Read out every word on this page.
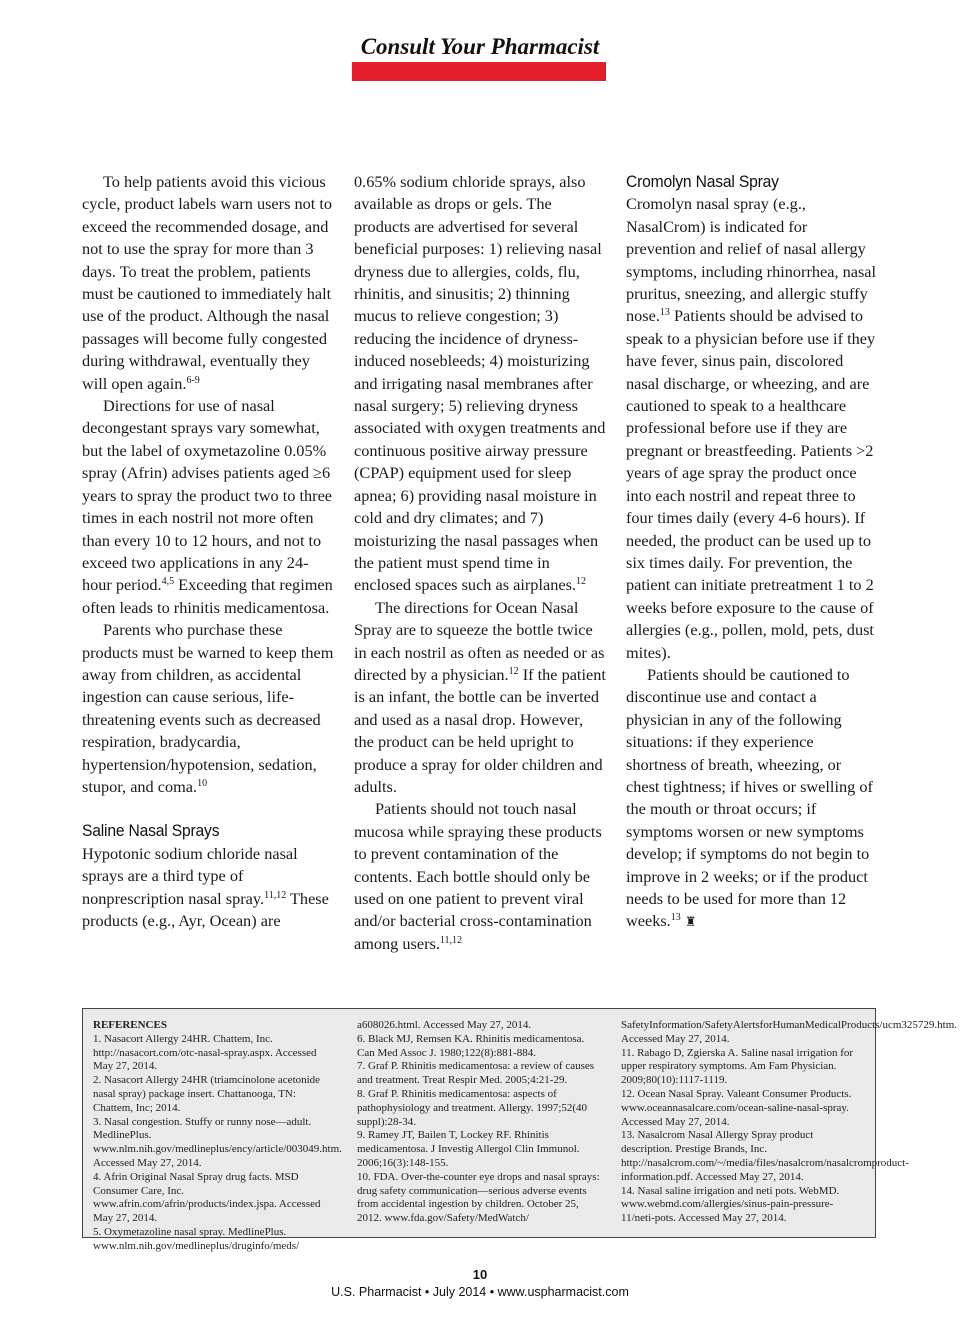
Consult Your Pharmacist

To help patients avoid this vicious cycle, product labels warn users not to exceed the recommended dosage, and not to use the spray for more than 3 days. To treat the problem, patients must be cautioned to immediately halt use of the product. Although the nasal passages will become fully congested during withdrawal, eventually they will open again.$^{6-9}$

Directions for use of nasal decongestant sprays vary somewhat, but the label of oxymetazoline 0.05% spray (Afrin) advises patients aged ≥6 years to spray the product two to three times in each nostril not more often than every 10 to 12 hours, and not to exceed two applications in any 24-hour period.$^{4,5}$ Exceeding that regimen often leads to rhinitis medicamentosa.

Parents who purchase these products must be warned to keep them away from children, as accidental ingestion can cause serious, life-threatening events such as decreased respiration, bradycardia, hypertension/hypotension, sedation, stupor, and coma.$^{10}$

Saline Nasal Sprays

Hypotonic sodium chloride nasal sprays are a third type of nonprescription nasal spray.$^{11,12}$ These products (e.g., Ayr, Ocean) are

0.65% sodium chloride sprays, also available as drops or gels. The products are advertised for several beneficial purposes: 1) relieving nasal dryness due to allergies, colds, flu, rhinitis, and sinusitis; 2) thinning mucus to relieve congestion; 3) reducing the incidence of dryness-induced nosebleeds; 4) moisturizing and irrigating nasal membranes after nasal surgery; 5) relieving dryness associated with oxygen treatments and continuous positive airway pressure (CPAP) equipment used for sleep apnea; 6) providing nasal moisture in cold and dry climates; and 7) moisturizing the nasal passages when the patient must spend time in enclosed spaces such as airplanes.$^{12}$

The directions for Ocean Nasal Spray are to squeeze the bottle twice in each nostril as often as needed or as directed by a physician.$^{12}$ If the patient is an infant, the bottle can be inverted and used as a nasal drop. However, the product can be held upright to produce a spray for older children and adults.

Patients should not touch nasal mucosa while spraying these products to prevent contamination of the contents. Each bottle should only be used on one patient to prevent viral and/or bacterial cross-contamination among users.$^{11,12}$

Cromolyn Nasal Spray

Cromolyn nasal spray (e.g., NasalCrom) is indicated for prevention and relief of nasal allergy symptoms, including rhinorrhea, nasal pruritus, sneezing, and allergic stuffy nose.$^{13}$ Patients should be advised to speak to a physician before use if they have fever, sinus pain, discolored nasal discharge, or wheezing, and are cautioned to speak to a healthcare professional before use if they are pregnant or breastfeeding. Patients >2 years of age spray the product once into each nostril and repeat three to four times daily (every 4-6 hours). If needed, the product can be used up to six times daily. For prevention, the patient can initiate pretreatment 1 to 2 weeks before exposure to the cause of allergies (e.g., pollen, mold, pets, dust mites).

Patients should be cautioned to discontinue use and contact a physician in any of the following situations: if they experience shortness of breath, wheezing, or chest tightness; if hives or swelling of the mouth or throat occurs; if symptoms worsen or new symptoms develop; if symptoms do not begin to improve in 2 weeks; or if the product needs to be used for more than 12 weeks.$^{13}$ ♜

REFERENCES
1. Nasacort Allergy 24HR. Chattem, Inc. http://nasacort.com/otc-nasal-spray.aspx. Accessed May 27, 2014.
2. Nasacort Allergy 24HR (triamcinolone acetonide nasal spray) package insert. Chattanooga, TN: Chattem, Inc; 2014.
3. Nasal congestion. Stuffy or runny nose—adult. MedlinePlus. www.nlm.nih.gov/medlineplus/ency/article/003049.htm. Accessed May 27, 2014.
4. Afrin Original Nasal Spray drug facts. MSD Consumer Care, Inc. www.afrin.com/afrin/products/index.jspa. Accessed May 27, 2014.
5. Oxymetazoline nasal spray. MedlinePlus. www.nlm.nih.gov/medlineplus/druginfo/meds/
a608026.html. Accessed May 27, 2014.
6. Black MJ, Remsen KA. Rhinitis medicamentosa. Can Med Assoc J. 1980;122(8):881-884.
7. Graf P. Rhinitis medicamentosa: a review of causes and treatment. Treat Respir Med. 2005;4:21-29.
8. Graf P. Rhinitis medicamentosa: aspects of pathophysiology and treatment. Allergy. 1997;52(40 suppl):28-34.
9. Ramey JT, Bailen T, Lockey RF. Rhinitis medicamentosa. J Investig Allergol Clin Immunol. 2006;16(3):148-155.
10. FDA. Over-the-counter eye drops and nasal sprays: drug safety communication—serious adverse events from accidental ingestion by children. October 25, 2012. www.fda.gov/Safety/MedWatch/
SafetyInformation/SafetyAlertsforHumanMedicalProducts/ucm325729.htm. Accessed May 27, 2014.
11. Rabago D, Zgierska A. Saline nasal irrigation for upper respiratory symptoms. Am Fam Physician. 2009;80(10):1117-1119.
12. Ocean Nasal Spray. Valeant Consumer Products. www.oceannasalcare.com/ocean-saline-nasal-spray. Accessed May 27, 2014.
13. Nasalcrom Nasal Allergy Spray product description. Prestige Brands, Inc. http://nasalcrom.com/~/media/files/nasalcrom/nasalcromproduct-information.pdf. Accessed May 27, 2014.
14. Nasal saline irrigation and neti pots. WebMD. www.webmd.com/allergies/sinus-pain-pressure-11/neti-pots. Accessed May 27, 2014.
10
U.S. Pharmacist • July 2014 • www.uspharmacist.com
